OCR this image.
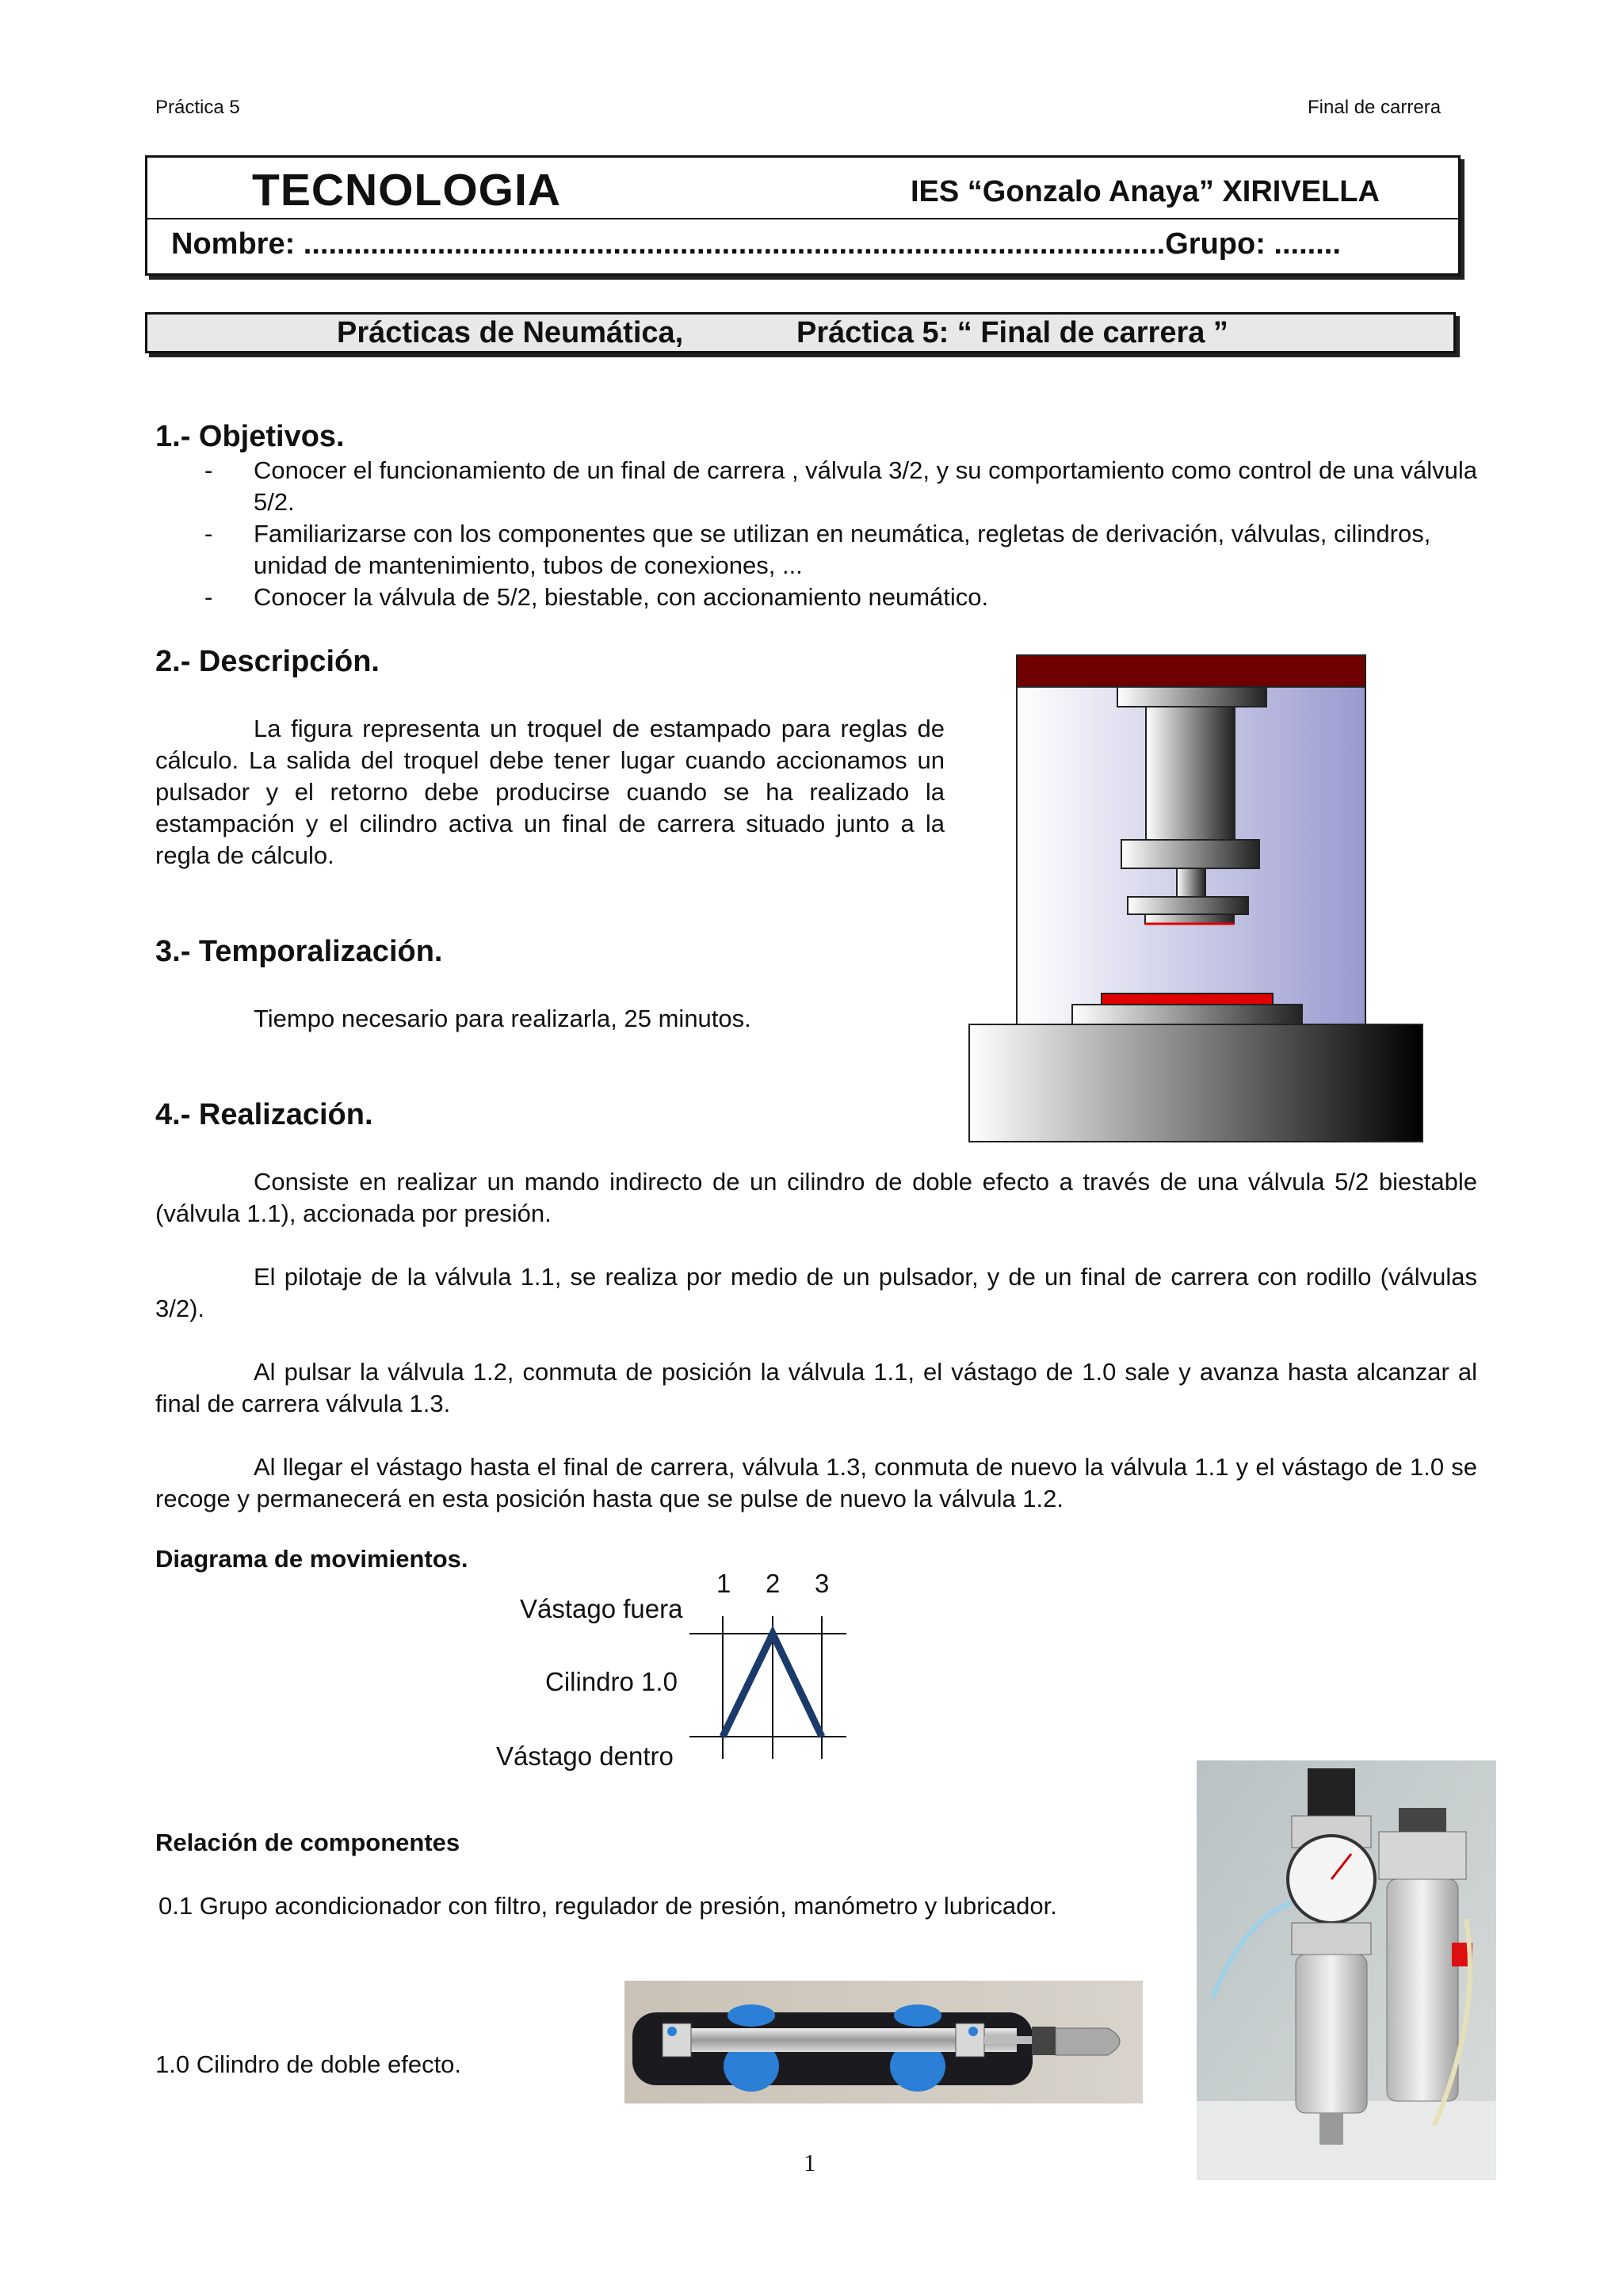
Práctica 5	Final de carrera
TECNOLOGIA	IES “Gonzalo Anaya” XIRIVELLA
Nombre: .......................................................................................................Grupo: ........
Prácticas de Neumática,	Práctica 5: “ Final de carrera ”
1.- Objetivos.
- Conocer el funcionamiento de un final de carrera , válvula 3/2, y su comportamiento como control de una válvula 5/2.
- Familiarizarse con los componentes que se utilizan en neumática, regletas de derivación, válvulas, cilindros, unidad de mantenimiento, tubos de conexiones, ...
- Conocer la válvula de 5/2, biestable, con accionamiento neumático.
2.- Descripción.
La figura representa un troquel de estampado para reglas de cálculo. La salida del troquel debe tener lugar cuando accionamos un pulsador y el retorno debe producirse cuando se ha realizado la estampación y el cilindro activa un final de carrera situado junto a la regla de cálculo.
3.- Temporalización.
Tiempo necesario para realizarla, 25 minutos.
4.- Realización.
Consiste en realizar un mando indirecto de un cilindro de doble efecto a través de una válvula 5/2 biestable (válvula 1.1), accionada por presión.
El pilotaje de la válvula 1.1, se realiza por medio de un pulsador, y de un final de carrera con rodillo (válvulas 3/2).
Al pulsar la válvula 1.2, conmuta de posición la válvula 1.1, el vástago de 1.0 sale y avanza hasta alcanzar al final de carrera válvula 1.3.
Al llegar el vástago hasta el final de carrera, válvula 1.3, conmuta de nuevo la válvula 1.1 y el vástago de 1.0 se recoge y permanecerá en esta posición hasta que se pulse de nuevo la válvula 1.2.
Diagrama de movimientos.
Vástago fuera
Cilindro 1.0
Vástago dentro
1 2 3
Relación de componentes
0.1 Grupo acondicionador con filtro, regulador de presión, manómetro y lubricador.
1.0 Cilindro de doble efecto.
1
